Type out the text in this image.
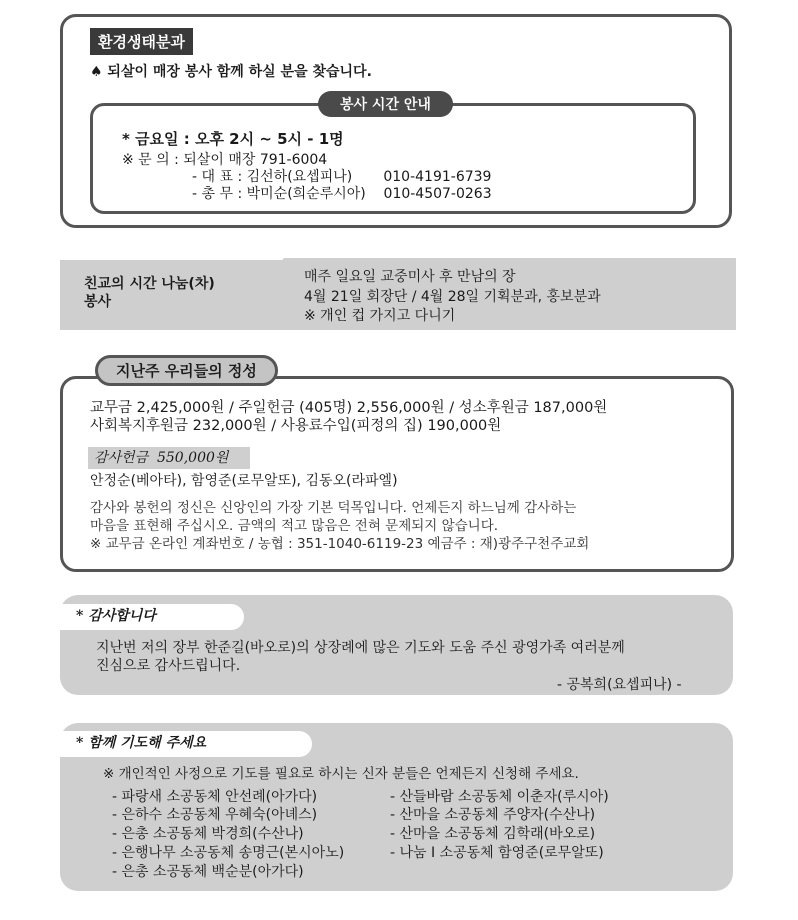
환경생태분과
♠ 되살이 매장 봉사 함께 하실 분을 찾습니다.
봉사 시간 안내
* 금요일 : 오후 2시 ~ 5시 - 1명
※ 문 의 : 되살이 매장 791-6004
- 대 표 : 김선하(요셉피나)       010-4191-6739
- 총 무 : 박미순(희순루시아)    010-4507-0263
친교의 시간 나눔(차)
봉사
매주 일요일 교중미사 후 만남의 장
4월 21일 회장단 / 4월 28일 기획분과, 홍보분과
※ 개인 컵 가지고 다니기
지난주 우리들의 정성
교무금 2,425,000원 / 주일헌금 (405명) 2,556,000원 / 성소후원금 187,000원
사회복지후원금 232,000원 / 사용료수입(피정의 집) 190,000원
감사헌금  550,000원
안정순(베아타), 함영준(로무알또), 김동오(라파엘)
감사와 봉헌의 정신은 신앙인의 가장 기본 덕목입니다. 언제든지 하느님께 감사하는
마음을 표현해 주십시오. 금액의 적고 많음은 전혀 문제되지 않습니다.
※ 교무금 온라인 계좌번호 / 농협 : 351-1040-6119-23 예금주 : 재)광주구천주교회
* 감사합니다
지난번 저의 장부 한준길(바오로)의 상장례에 많은 기도와 도움 주신 광영가족 여러분께
진심으로 감사드립니다.
- 공복희(요셉피나) -
* 함께 기도해 주세요
※ 개인적인 사정으로 기도를 필요로 하시는 신자 분들은 언제든지 신청해 주세요.
- 파랑새 소공동체 안선례(아가다)
- 은하수 소공동체 우혜숙(아녜스)
- 은총 소공동체 박경희(수산나)
- 은행나무 소공동체 송명근(본시아노)
- 은총 소공동체 백순분(아가다)
- 산들바람 소공동체 이춘자(루시아)
- 산마을 소공동체 주양자(수산나)
- 산마을 소공동체 김학래(바오로)
- 나눔 I 소공동체 함영준(로무알또)
